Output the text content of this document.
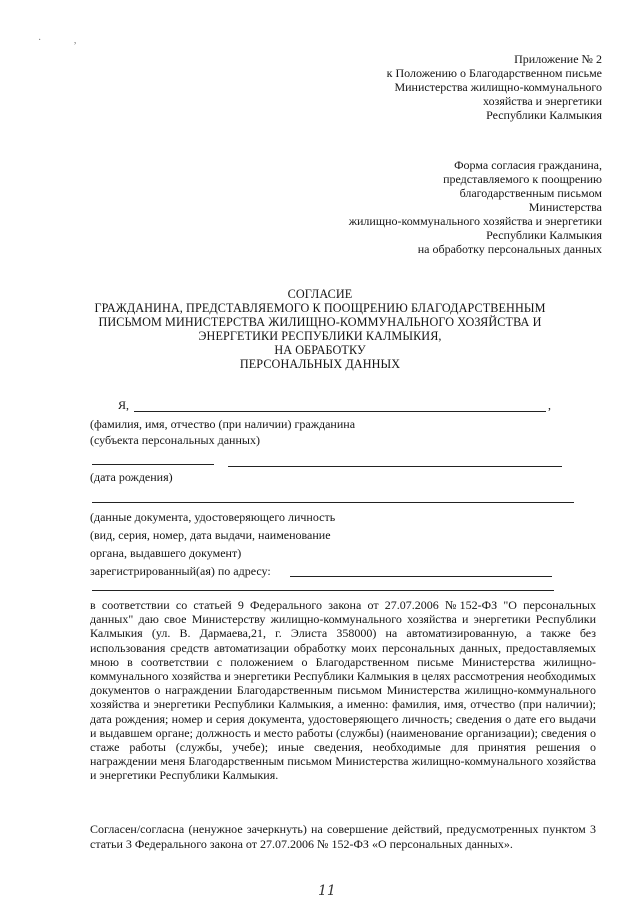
·             ,
Приложение № 2
к Положению о Благодарственном письме
Министерства жилищно-коммунального
хозяйства и энергетики
Республики Калмыкия
Форма согласия гражданина,
представляемого к поощрению
благодарственным письмом
Министерства
жилищно-коммунального хозяйства и энергетики
Республики Калмыкия
на обработку персональных данных
СОГЛАСИЕ
ГРАЖДАНИНА, ПРЕДСТАВЛЯЕМОГО К ПООЩРЕНИЮ БЛАГОДАРСТВЕННЫМ
ПИСЬМОМ МИНИСТЕРСТВА ЖИЛИЩНО-КОММУНАЛЬНОГО ХОЗЯЙСТВА И
ЭНЕРГЕТИКИ РЕСПУБЛИКИ КАЛМЫКИЯ,
НА ОБРАБОТКУ
ПЕРСОНАЛЬНЫХ ДАННЫХ
Я,	,
(фамилия, имя, отчество (при наличии) гражданина
(субъекта персональных данных)
(дата рождения)
(данные документа, удостоверяющего личность
(вид, серия, номер, дата выдачи, наименование
органа, выдавшего документ)
зарегистрированный(ая) по адресу:
в соответствии со статьей 9 Федерального закона от 27.07.2006 №152-ФЗ "О персональных данных" даю свое Министерству жилищно-коммунального хозяйства и энергетики Республики Калмыкия (ул. В. Дармаева,21, г. Элиста 358000) на автоматизированную, а также без использования средств автоматизации обработку моих персональных данных, предоставляемых мною в соответствии с положением о Благодарственном письме Министерства жилищно-коммунального хозяйства и энергетики Республики Калмыкия в целях рассмотрения необходимых документов о награждении Благодарственным письмом Министерства жилищно-коммунального хозяйства и энергетики Республики Калмыкия, а именно: фамилия, имя, отчество (при наличии); дата рождения; номер и серия документа, удостоверяющего личность; сведения о дате его выдачи и выдавшем органе; должность и место работы (службы) (наименование организации); сведения о стаже работы (службы, учебе); иные сведения, необходимые для принятия решения о награждении меня Благодарственным письмом Министерства жилищно-коммунального хозяйства и энергетики Республики Калмыкия.
Согласен/согласна (ненужное зачеркнуть) на совершение действий, предусмотренных пунктом 3 статьи 3 Федерального закона от 27.07.2006 № 152-ФЗ «О персональных данных».
11
